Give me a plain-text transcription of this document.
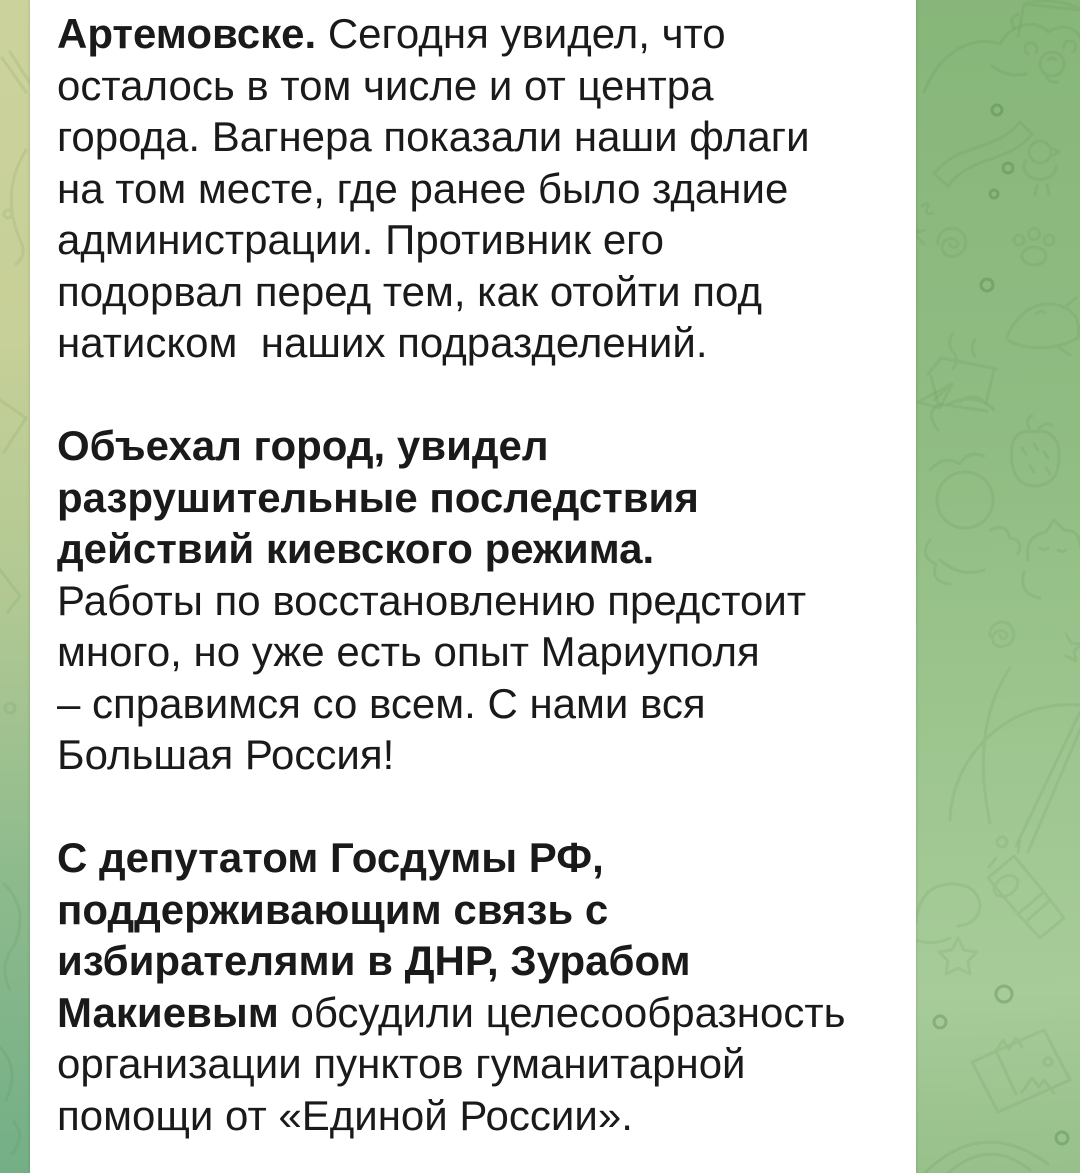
Артемовске. Сегодня увидел, что
осталось в том числе и от центра
города. Вагнера показали наши флаги
на том месте, где ранее было здание
администрации. Противник его
подорвал перед тем, как отойти под
натиском  наших подразделений.
Объехал город, увидел
разрушительные последствия
действий киевского режима.
Работы по восстановлению предстоит
много, но уже есть опыт Мариуполя
– справимся со всем. С нами вся
Большая Россия!
С депутатом Госдумы РФ,
поддерживающим связь с
избирателями в ДНР, Зурабом
Макиевым обсудили целесообразность
организации пунктов гуманитарной
помощи от «Единой России».
